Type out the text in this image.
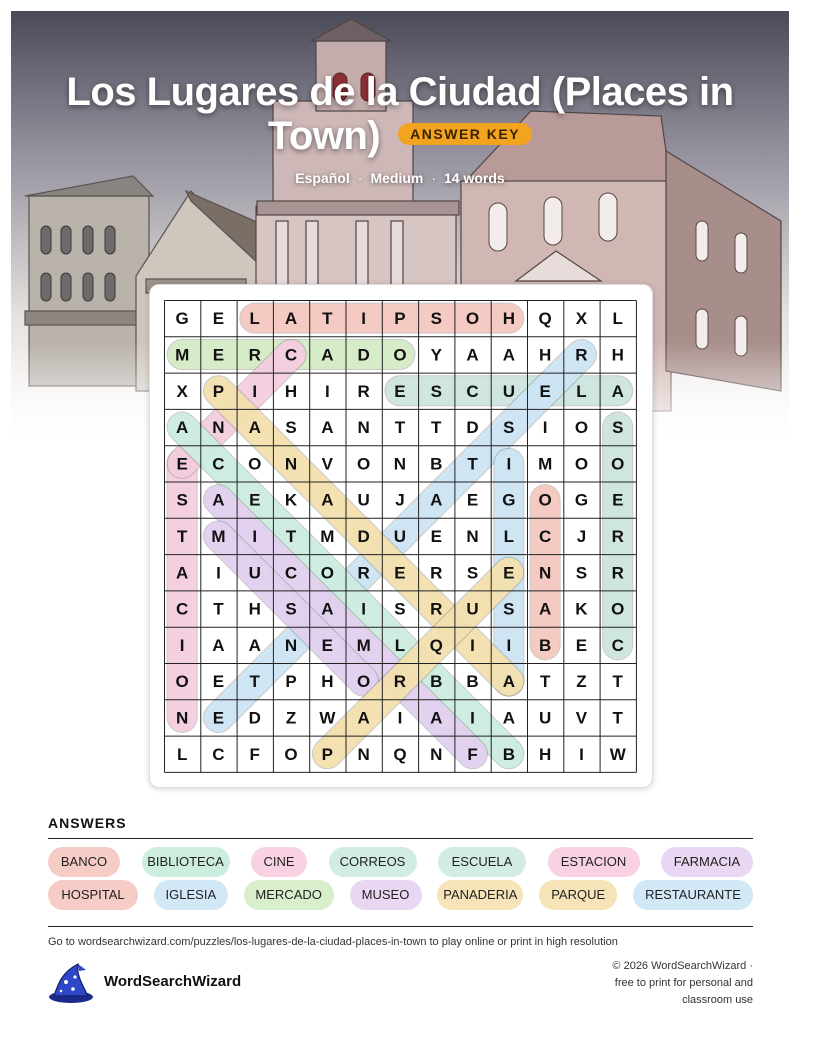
Los Lugares de la Ciudad (Places in Town) ANSWER KEY
Español · Medium · 14 words
G E L A T I P S O H Q X L
M E R C A D O Y A A H R H
X P I H I R E S C U E L A
A N A S A N T T D S I O S
E C O N V O N B T I M O O
S A E K A U J A E G O G E
T M I T M D U E N L C J R
A I U C O R E R S E N S R
C T H S A I S R U S A K O
I A A N E M L Q I I B E C
O E T P H O R B B A T Z T
N E D Z W A I A I A U V T
L C F O P N Q N F B H I W
ANSWERS
BANCO	BIBLIOTECA	CINE	CORREOS	ESCUELA	ESTACION	FARMACIA
HOSPITAL	IGLESIA	MERCADO	MUSEO	PANADERIA	PARQUE	RESTAURANTE
Go to wordsearchwizard.com/puzzles/los-lugares-de-la-ciudad-places-in-town to play online or print in high resolution
WordSearchWizard
© 2026 WordSearchWizard ·
free to print for personal and
classroom use
